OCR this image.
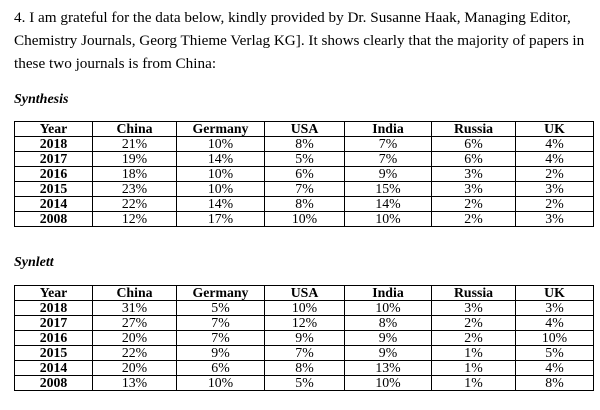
4. I am grateful for the data below, kindly provided by Dr. Susanne Haak, Managing Editor,
Chemistry Journals, Georg Thieme Verlag KG]. It shows clearly that the majority of papers in
these two journals is from China:

Synthesis

Year	China	Germany	USA	India	Russia	UK
2018	21%	10%	8%	7%	6%	4%
2017	19%	14%	5%	7%	6%	4%
2016	18%	10%	6%	9%	3%	2%
2015	23%	10%	7%	15%	3%	3%
2014	22%	14%	8%	14%	2%	2%
2008	12%	17%	10%	10%	2%	3%

Synlett

Year	China	Germany	USA	India	Russia	UK
2018	31%	5%	10%	10%	3%	3%
2017	27%	7%	12%	8%	2%	4%
2016	20%	7%	9%	9%	2%	10%
2015	22%	9%	7%	9%	1%	5%
2014	20%	6%	8%	13%	1%	4%
2008	13%	10%	5%	10%	1%	8%
